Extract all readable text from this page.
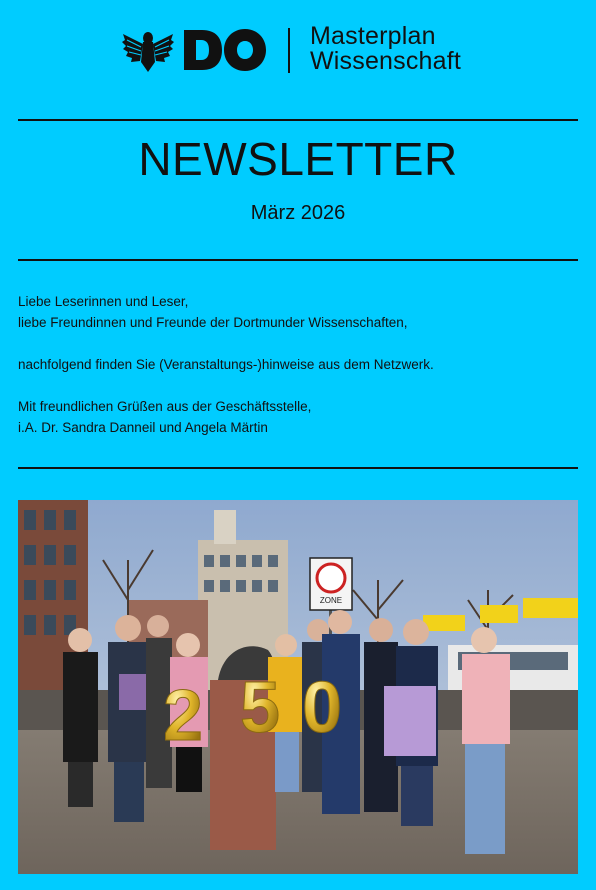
Masterplan
Wissenschaft
NEWSLETTER
März 2026

Liebe Leserinnen und Leser,

liebe Freundinnen und Freunde der Dortmunder Wissenschaften,

nachfolgend finden Sie (Veranstaltungs-)hinweise aus dem Netzwerk.

Mit freundlichen Grüßen aus der Geschäftsstelle,

i.A. Dr. Sandra Danneil und Angela Märtin

ZONE
2 5 0
